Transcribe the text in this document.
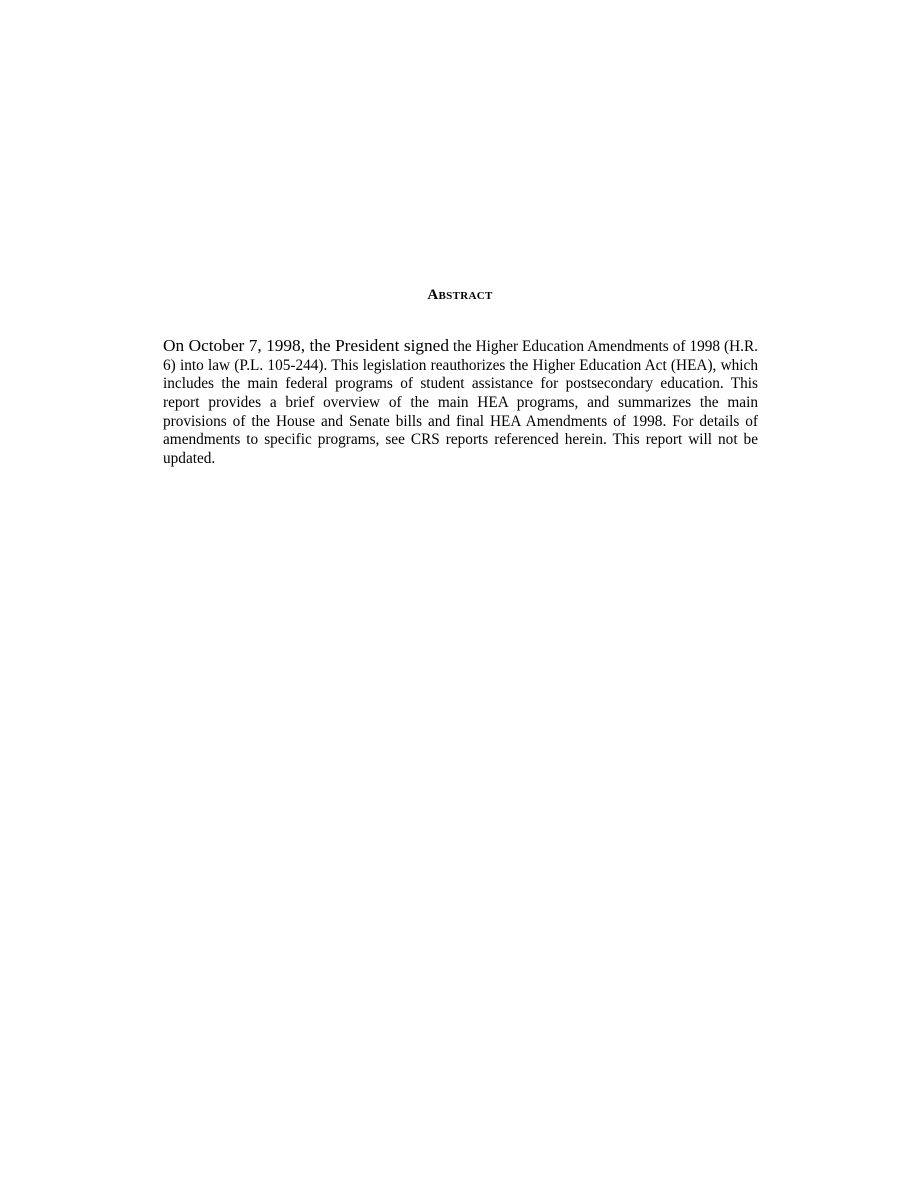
Abstract

On October 7, 1998, the President signed the Higher Education Amendments of 1998 (H.R. 6) into law (P.L. 105-244). This legislation reauthorizes the Higher Education Act (HEA), which includes the main federal programs of student assistance for postsecondary education. This report provides a brief overview of the main HEA programs, and summarizes the main provisions of the House and Senate bills and final HEA Amendments of 1998. For details of amendments to specific programs, see CRS reports referenced herein. This report will not be updated.
